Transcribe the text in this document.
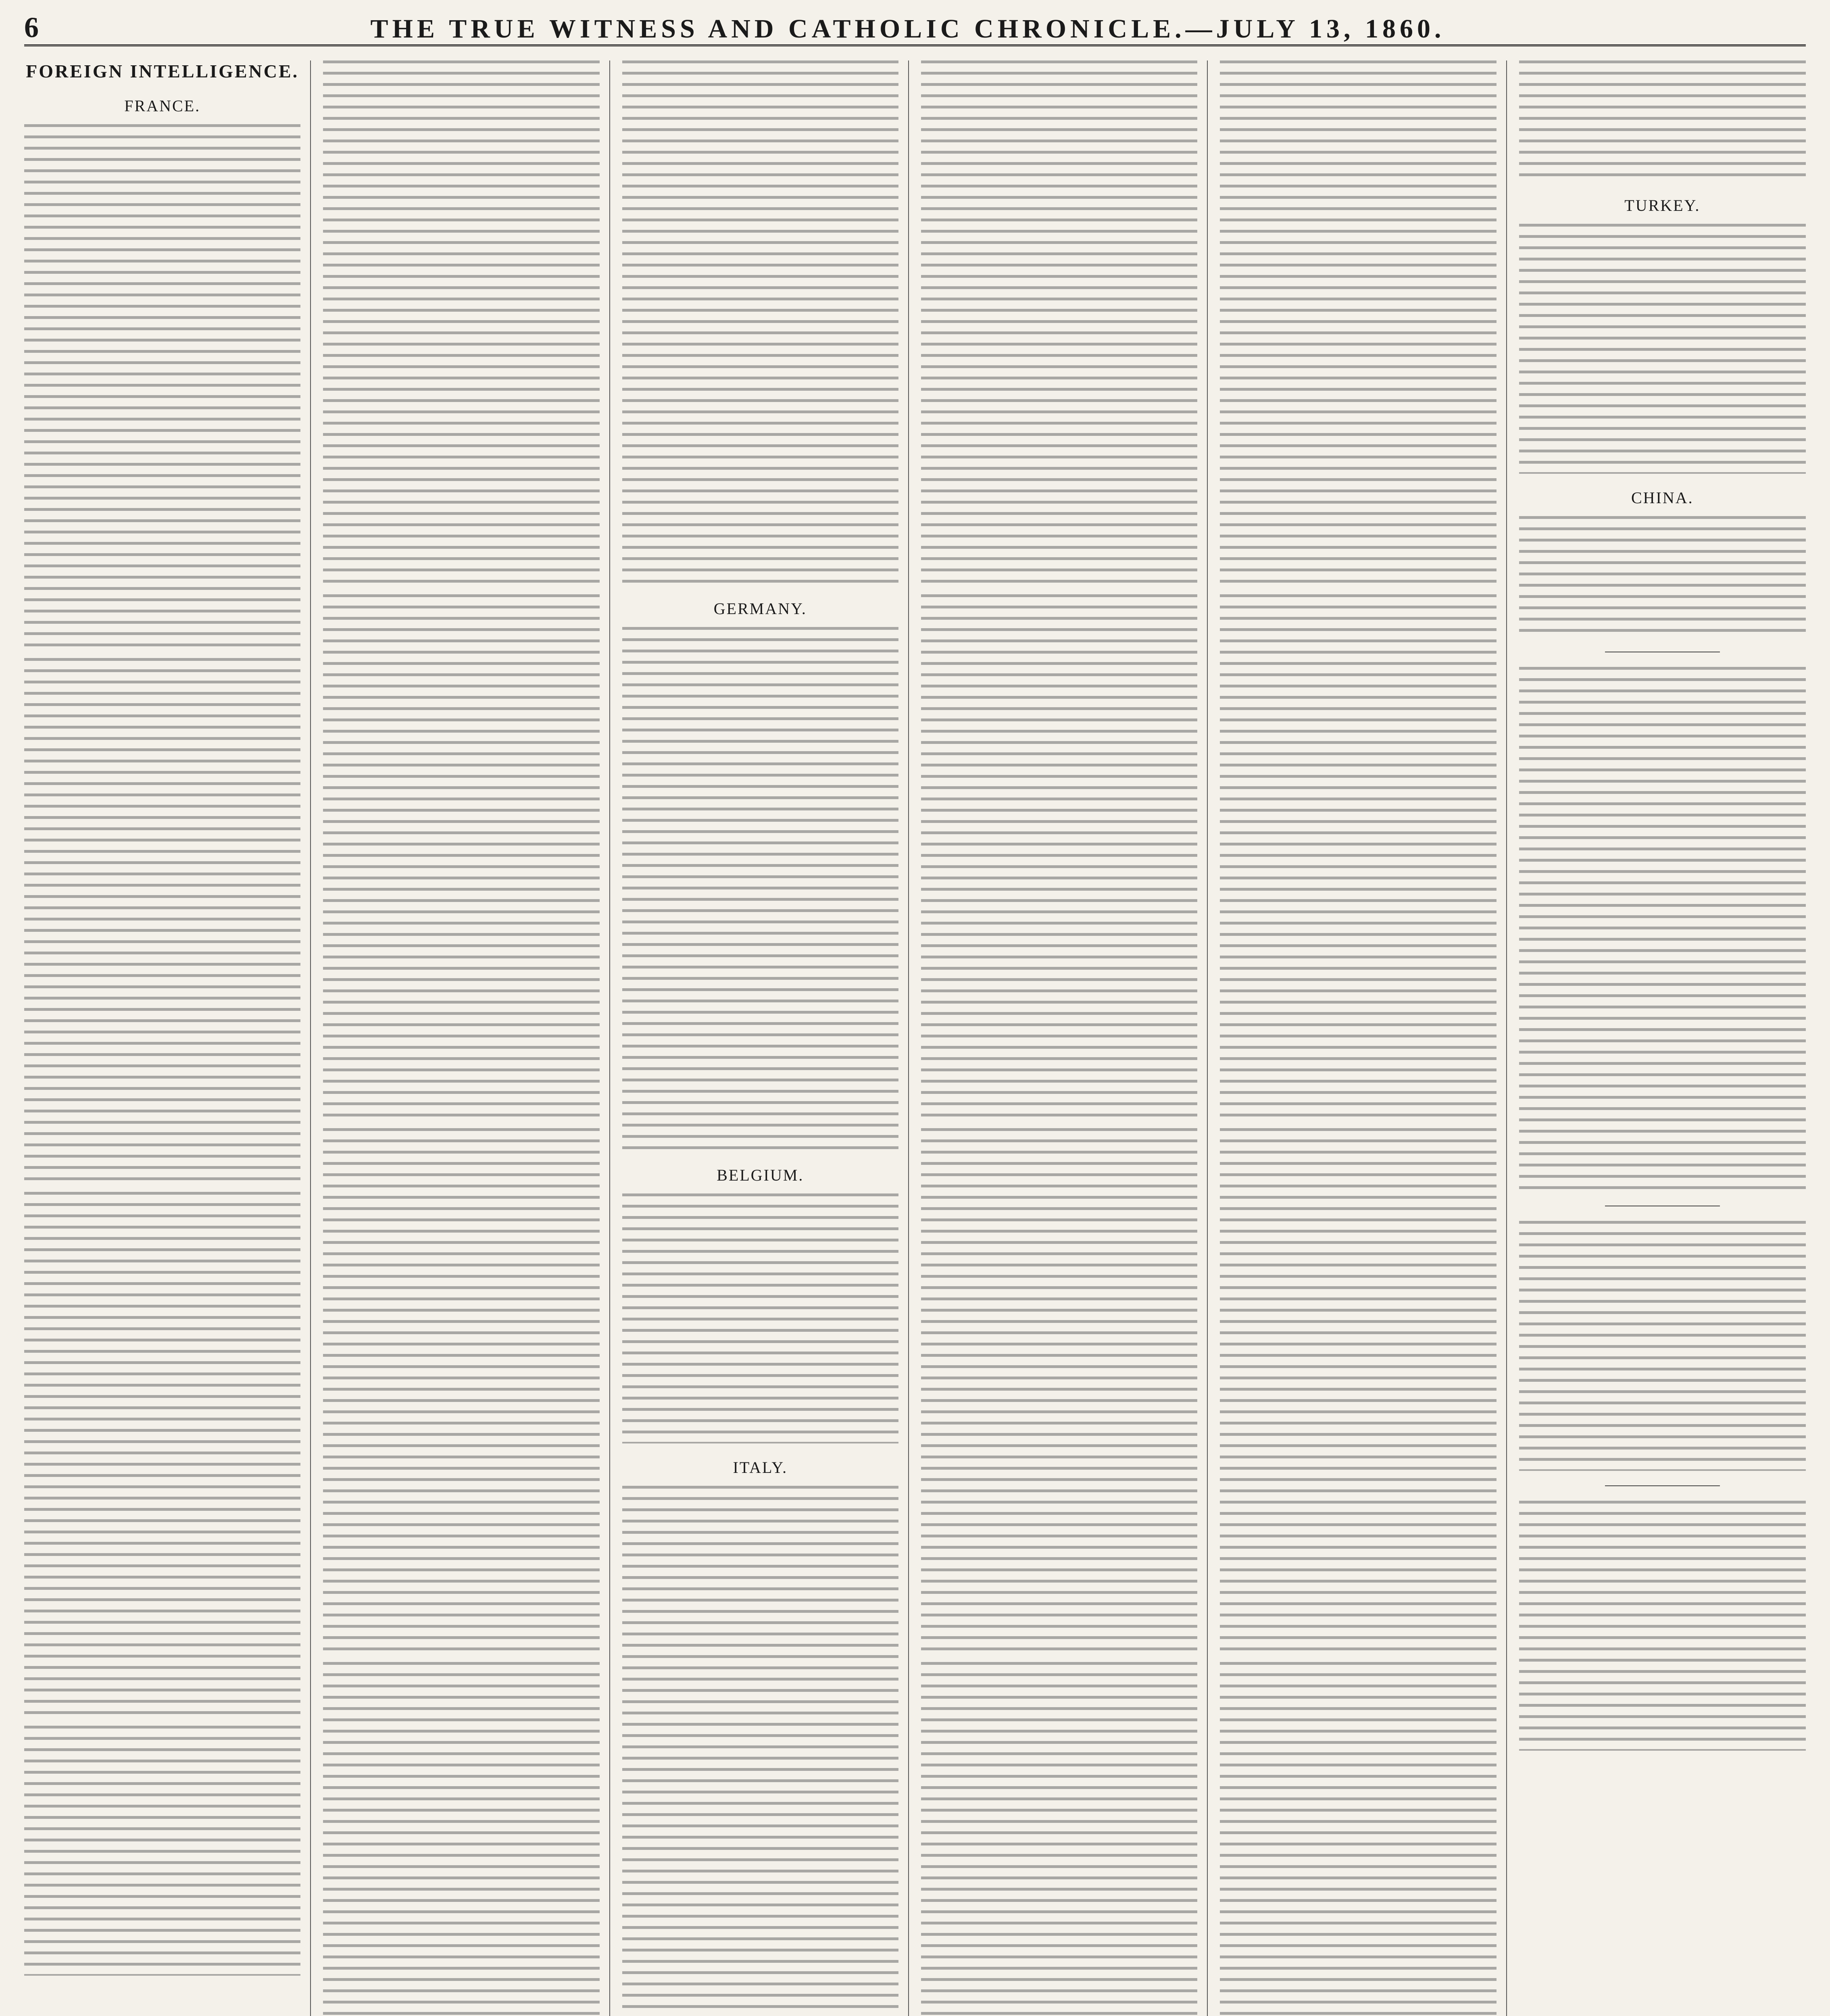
6	THE TRUE WITNESS AND CATHOLIC CHRONICLE.—JULY 13, 1860.
FOREIGN INTELLIGENCE.
FRANCE.
GERMANY.
BELGIUM.
ITALY.
TURKEY.
CHINA.
